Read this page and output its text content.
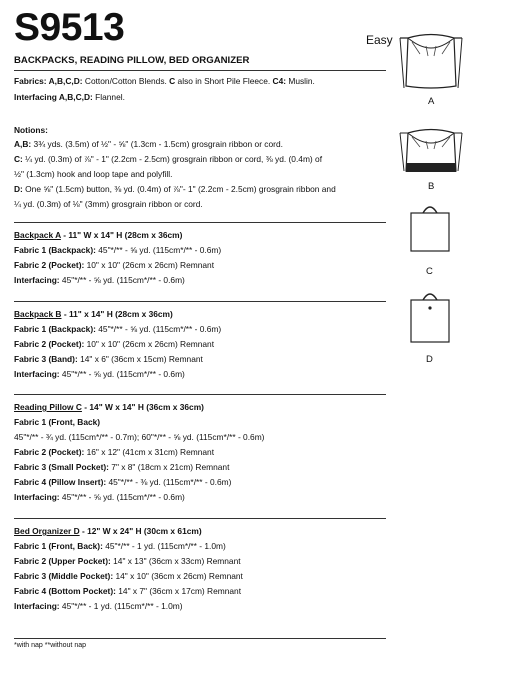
S9513	Easy
BACKPACKS, READING PILLOW, BED ORGANIZER
Fabrics: A,B,C,D: Cotton/Cotton Blends. C also in Short Pile Fleece. C4: Muslin.
Interfacing A,B,C,D: Flannel.
Notions:
A,B: 3¾ yds. (3.5m) of ½" - ⅝" (1.3cm - 1.5cm) grosgrain ribbon or cord.
C: ¼ yd. (0.3m) of ⅞" - 1" (2.2cm - 2.5cm) grosgrain ribbon or cord, ⅜ yd. (0.4m) of
½" (1.3cm) hook and loop tape and polyfill.
D: One ⅝" (1.5cm) button, ⅜ yd. (0.4m) of ⅞"- 1" (2.2cm - 2.5cm) grosgrain ribbon and
¼ yd. (0.3m) of ⅛" (3mm) grosgrain ribbon or cord.
Backpack A - 11" W x 14" H (28cm x 36cm)
Fabric 1 (Backpack): 45"*/** - ⅝ yd. (115cm*/** - 0.6m)
Fabric 2 (Pocket): 10" x 10" (26cm x 26cm) Remnant
Interfacing: 45"*/** - ⅝ yd. (115cm*/** - 0.6m)
Backpack B - 11" x 14" H (28cm x 36cm)
Fabric 1 (Backpack): 45"*/** - ⅝ yd. (115cm*/** - 0.6m)
Fabric 2 (Pocket): 10" x 10" (26cm x 26cm) Remnant
Fabric 3 (Band): 14" x 6" (36cm x 15cm) Remnant
Interfacing: 45"*/** - ⅝ yd. (115cm*/** - 0.6m)
Reading Pillow C - 14" W x 14" H (36cm x 36cm)
Fabric 1 (Front, Back)
45"*/** - ¾ yd. (115cm*/** - 0.7m); 60"*/** - ⅝ yd. (115cm*/** - 0.6m)
Fabric 2 (Pocket): 16" x 12" (41cm x 31cm) Remnant
Fabric 3 (Small Pocket): 7" x 8" (18cm x 21cm) Remnant
Fabric 4 (Pillow Insert): 45"*/** - ⅜ yd. (115cm*/** - 0.6m)
Interfacing: 45"*/** - ⅝ yd. (115cm*/** - 0.6m)
Bed Organizer D - 12" W x 24" H (30cm x 61cm)
Fabric 1 (Front, Back): 45"*/** - 1 yd. (115cm*/** - 1.0m)
Fabric 2 (Upper Pocket): 14" x 13" (36cm x 33cm) Remnant
Fabric 3 (Middle Pocket): 14" x 10" (36cm x 26cm) Remnant
Fabric 4 (Bottom Pocket): 14" x 7" (36cm x 17cm) Remnant
Interfacing: 45"*/** - 1 yd. (115cm*/** - 1.0m)
*with nap **without nap
A
B
C
D
